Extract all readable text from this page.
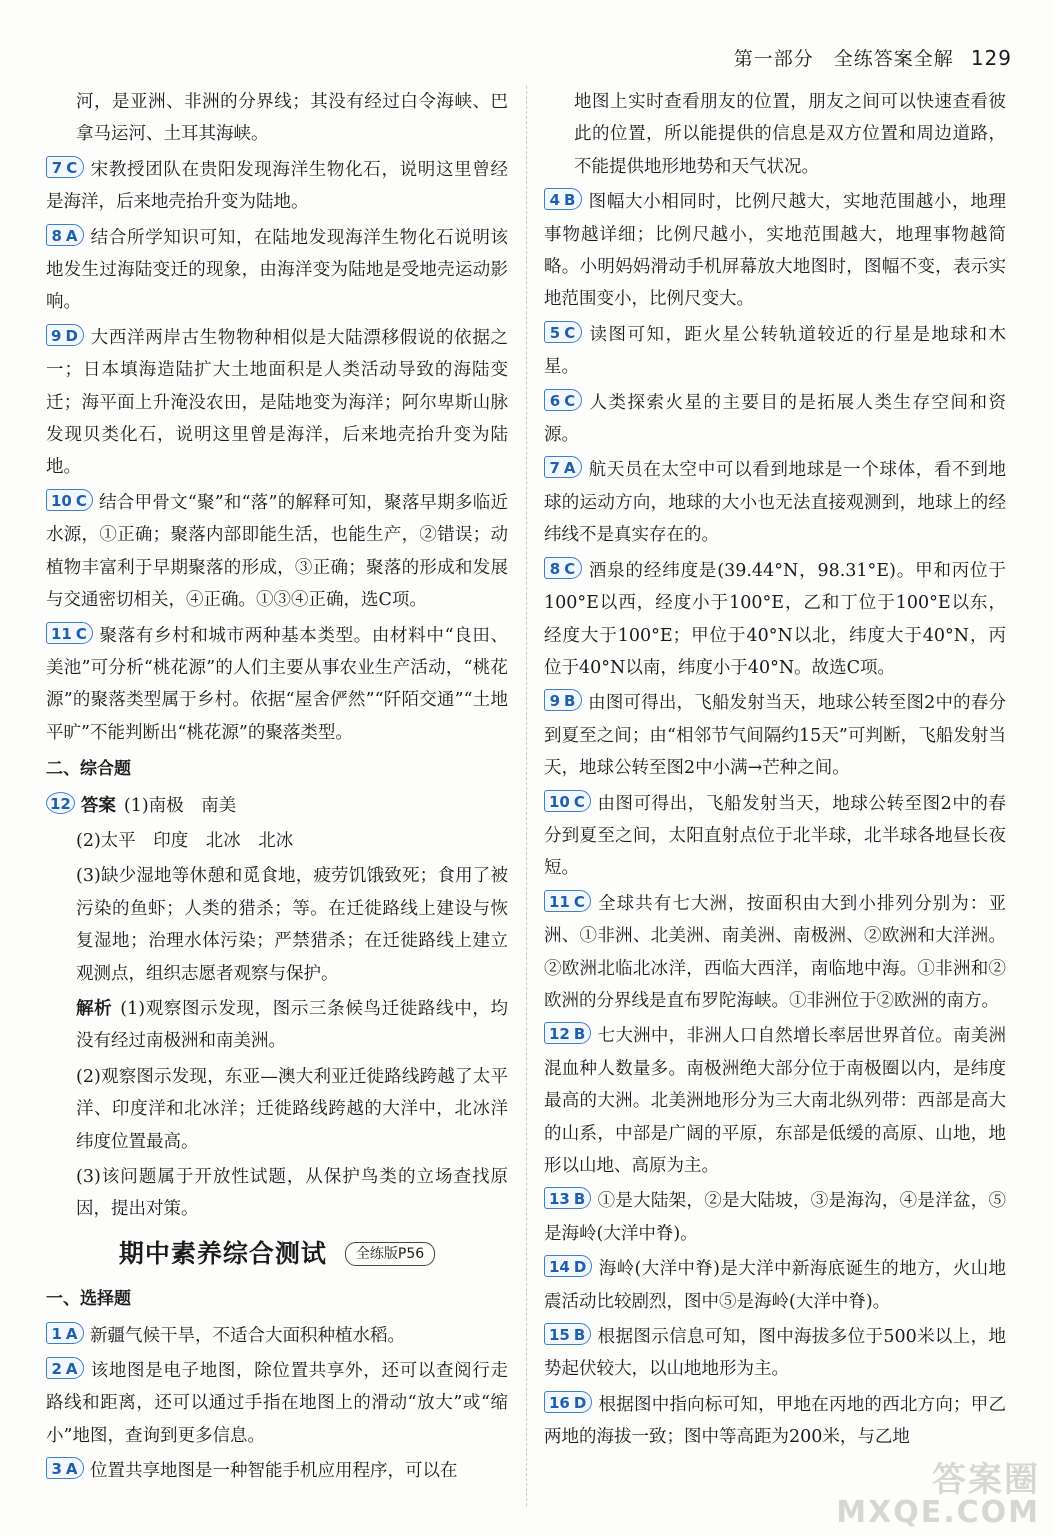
第一部分　全练答案全解 129

河，是亚洲、非洲的分界线；其没有经过白令海峡、巴拿马运河、土耳其海峡。

7 C 宋教授团队在贵阳发现海洋生物化石，说明这里曾经是海洋，后来地壳抬升变为陆地。

8 A 结合所学知识可知，在陆地发现海洋生物化石说明该地发生过海陆变迁的现象，由海洋变为陆地是受地壳运动影响。

9 D 大西洋两岸古生物物种相似是大陆漂移假说的依据之一；日本填海造陆扩大土地面积是人类活动导致的海陆变迁；海平面上升淹没农田，是陆地变为海洋；阿尔卑斯山脉发现贝类化石，说明这里曾是海洋，后来地壳抬升变为陆地。

10 C 结合甲骨文“聚”和“落”的解释可知，聚落早期多临近水源，①正确；聚落内部即能生活，也能生产，②错误；动植物丰富利于早期聚落的形成，③正确；聚落的形成和发展与交通密切相关，④正确。①③④正确，选C项。

11 C 聚落有乡村和城市两种基本类型。由材料中“良田、美池”可分析“桃花源”的人们主要从事农业生产活动，“桃花源”的聚落类型属于乡村。依据“屋舍俨然”“阡陌交通”“土地平旷”不能判断出“桃花源”的聚落类型。

二、综合题

12 答案 (1)南极　南美

(2)太平　印度　北冰　北冰

(3)缺少湿地等休憩和觅食地，疲劳饥饿致死；食用了被污染的鱼虾；人类的猎杀；等。在迁徙路线上建设与恢复湿地；治理水体污染；严禁猎杀；在迁徙路线上建立观测点，组织志愿者观察与保护。

解析 (1)观察图示发现，图示三条候鸟迁徙路线中，均没有经过南极洲和南美洲。

(2)观察图示发现，东亚—澳大利亚迁徙路线跨越了太平洋、印度洋和北冰洋；迁徙路线跨越的大洋中，北冰洋纬度位置最高。

(3)该问题属于开放性试题，从保护鸟类的立场查找原因，提出对策。

期中素养综合测试 全练版P56
一、选择题

1 A 新疆气候干旱，不适合大面积种植水稻。

2 A 该地图是电子地图，除位置共享外，还可以查阅行走路线和距离，还可以通过手指在地图上的滑动“放大”或“缩小”地图，查询到更多信息。

3 A 位置共享地图是一种智能手机应用程序，可以在

地图上实时查看朋友的位置，朋友之间可以快速查看彼此的位置，所以能提供的信息是双方位置和周边道路，不能提供地形地势和天气状况。

4 B 图幅大小相同时，比例尺越大，实地范围越小，地理事物越详细；比例尺越小，实地范围越大，地理事物越简略。小明妈妈滑动手机屏幕放大地图时，图幅不变，表示实地范围变小，比例尺变大。

5 C 读图可知，距火星公转轨道较近的行星是地球和木星。

6 C 人类探索火星的主要目的是拓展人类生存空间和资源。

7 A 航天员在太空中可以看到地球是一个球体，看不到地球的运动方向，地球的大小也无法直接观测到，地球上的经纬线不是真实存在的。

8 C 酒泉的经纬度是(39.44°N，98.31°E)。甲和丙位于100°E以西，经度小于100°E，乙和丁位于100°E以东，经度大于100°E；甲位于40°N以北，纬度大于40°N，丙位于40°N以南，纬度小于40°N。故选C项。

9 B 由图可得出，飞船发射当天，地球公转至图2中的春分到夏至之间；由“相邻节气间隔约15天”可判断，飞船发射当天，地球公转至图2中小满→芒种之间。

10 C 由图可得出，飞船发射当天，地球公转至图2中的春分到夏至之间，太阳直射点位于北半球，北半球各地昼长夜短。

11 C 全球共有七大洲，按面积由大到小排列分别为：亚洲、①非洲、北美洲、南美洲、南极洲、②欧洲和大洋洲。②欧洲北临北冰洋，西临大西洋，南临地中海。①非洲和②欧洲的分界线是直布罗陀海峡。①非洲位于②欧洲的南方。

12 B 七大洲中，非洲人口自然增长率居世界首位。南美洲混血种人数量多。南极洲绝大部分位于南极圈以内，是纬度最高的大洲。北美洲地形分为三大南北纵列带：西部是高大的山系，中部是广阔的平原，东部是低缓的高原、山地，地形以山地、高原为主。

13 B ①是大陆架，②是大陆坡，③是海沟，④是洋盆，⑤是海岭(大洋中脊)。

14 D 海岭(大洋中脊)是大洋中新海底诞生的地方，火山地震活动比较剧烈，图中⑤是海岭(大洋中脊)。

15 B 根据图示信息可知，图中海拔多位于500米以上，地势起伏较大，以山地地形为主。

16 D 根据图中指向标可知，甲地在丙地的西北方向；甲乙两地的海拔一致；图中等高距为200米，与乙地

答案圈
MXQE.COM
